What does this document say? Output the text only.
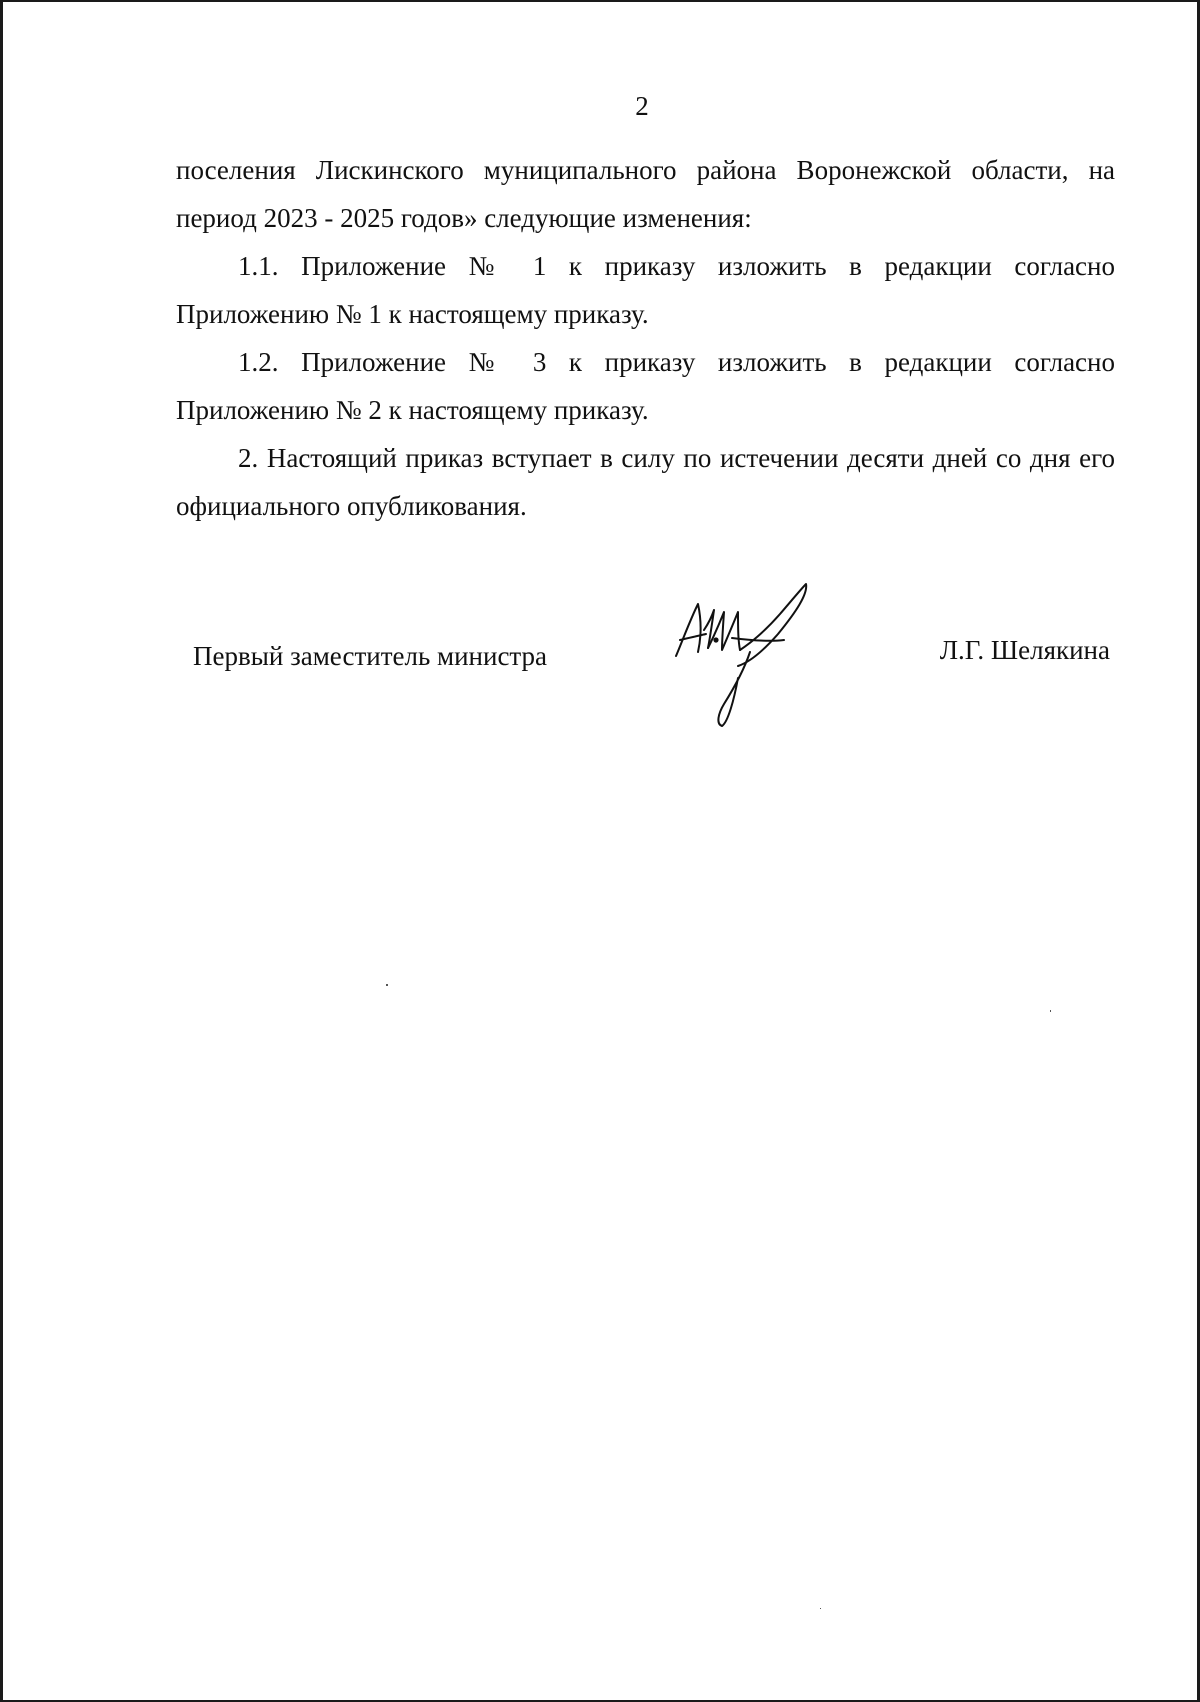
2
поселения Лискинского муниципального района Воронежской области, на
период 2023 - 2025 годов» следующие изменения:
1.1. Приложение № 1 к приказу изложить в редакции согласно
Приложению № 1 к настоящему приказу.
1.2. Приложение № 3 к приказу изложить в редакции согласно
Приложению № 2 к настоящему приказу.
2. Настоящий приказ вступает в силу по истечении десяти дней со дня его
официального опубликования.
Первый заместитель министра	Л.Г. Шелякина
